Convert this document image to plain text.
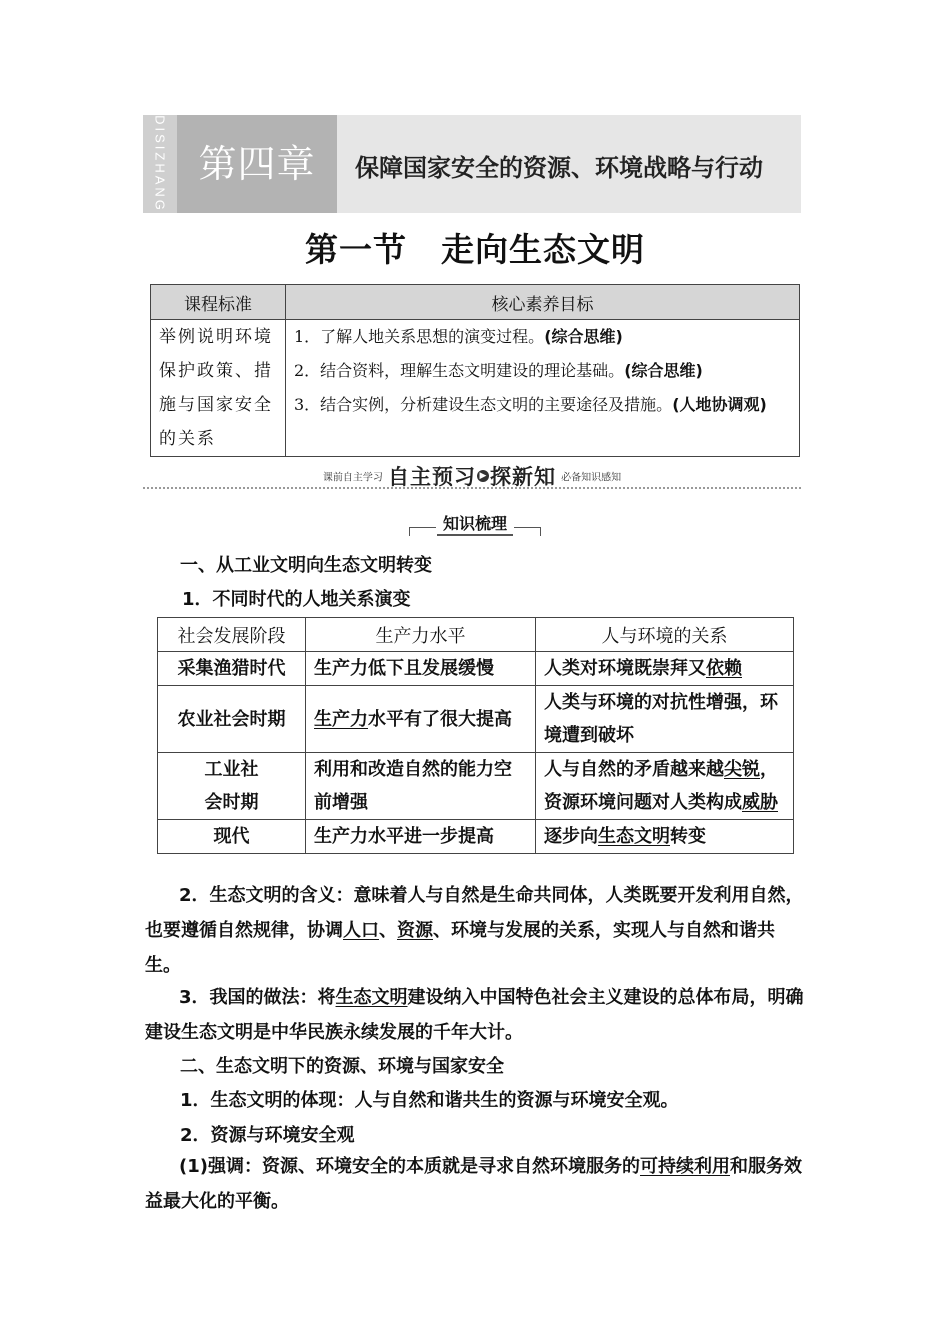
DISIZHANG 第四章	保障国家安全的资源、环境战略与行动
第一节　走向生态文明
课程标准	核心素养目标
举例说明环境保护政策、措施与国家安全的关系	1．了解人地关系思想的演变过程。(综合思维)
2．结合资料，理解生态文明建设的理论基础。(综合思维)
3．结合实例，分析建设生态文明的主要途径及措施。(人地协调观)
课前自主学习 自主预习 ▶ 探新知 必备知识感知
知识梳理
一、从工业文明向生态文明转变
1．不同时代的人地关系演变
社会发展阶段	生产力水平	人与环境的关系
采集渔猎时代	生产力低下且发展缓慢	人类对环境既崇拜又依赖
农业社会时期	生产力水平有了很大提高	人类与环境的对抗性增强，环境遭到破坏
工业社会时期	利用和改造自然的能力空前增强	人与自然的矛盾越来越尖锐，资源环境问题对人类构成威胁
现代	生产力水平进一步提高	逐步向生态文明转变
2．生态文明的含义：意味着人与自然是生命共同体，人类既要开发利用自然，也要遵循自然规律，协调人口、资源、环境与发展的关系，实现人与自然和谐共生。
3．我国的做法：将生态文明建设纳入中国特色社会主义建设的总体布局，明确建设生态文明是中华民族永续发展的千年大计。
二、生态文明下的资源、环境与国家安全
1．生态文明的体现：人与自然和谐共生的资源与环境安全观。
2．资源与环境安全观
(1)强调：资源、环境安全的本质就是寻求自然环境服务的可持续利用和服务效益最大化的平衡。
